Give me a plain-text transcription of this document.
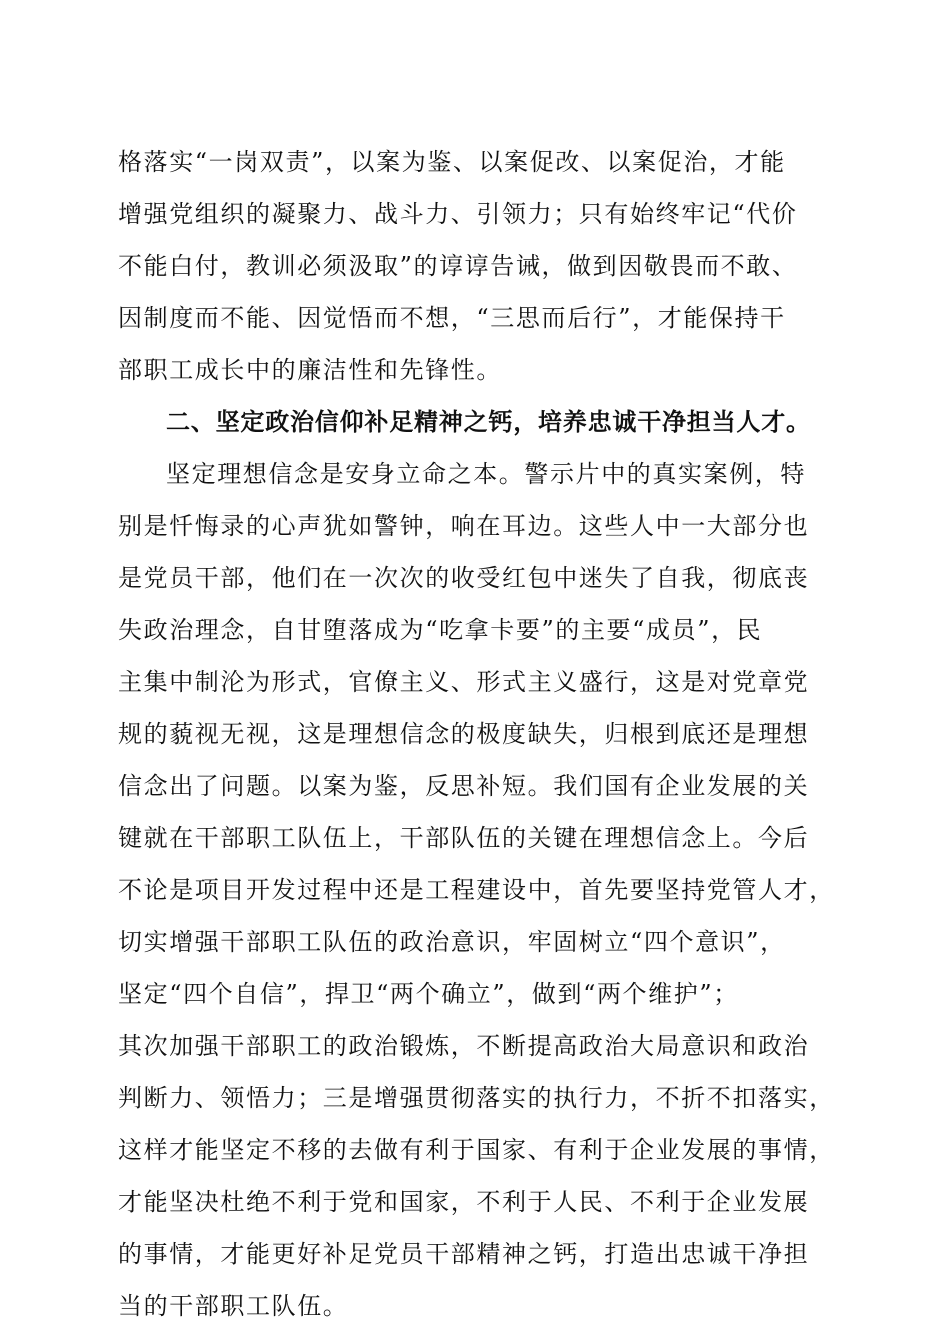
格落实“一岗双责”，以案为鉴、以案促改、以案促治，才能
增强党组织的凝聚力、战斗力、引领力；只有始终牢记“代价
不能白付，教训必须汲取”的谆谆告诫，做到因敬畏而不敢、
因制度而不能、因觉悟而不想，“三思而后行”，才能保持干
部职工成长中的廉洁性和先锋性。
二、坚定政治信仰补足精神之钙，培养忠诚干净担当人才。
坚定理想信念是安身立命之本。警示片中的真实案例，特
别是忏悔录的心声犹如警钟，响在耳边。这些人中一大部分也
是党员干部，他们在一次次的收受红包中迷失了自我，彻底丧
失政治理念，自甘堕落成为“吃拿卡要”的主要“成员”，民
主集中制沦为形式，官僚主义、形式主义盛行，这是对党章党
规的藐视无视，这是理想信念的极度缺失，归根到底还是理想
信念出了问题。以案为鉴，反思补短。我们国有企业发展的关
键就在干部职工队伍上，干部队伍的关键在理想信念上。今后
不论是项目开发过程中还是工程建设中，首先要坚持党管人才，
切实增强干部职工队伍的政治意识，牢固树立“四个意识”，
坚定“四个自信”，捍卫“两个确立”，做到“两个维护”；
其次加强干部职工的政治锻炼，不断提高政治大局意识和政治
判断力、领悟力；三是增强贯彻落实的执行力，不折不扣落实，
这样才能坚定不移的去做有利于国家、有利于企业发展的事情，
才能坚决杜绝不利于党和国家，不利于人民、不利于企业发展
的事情，才能更好补足党员干部精神之钙，打造出忠诚干净担
当的干部职工队伍。
